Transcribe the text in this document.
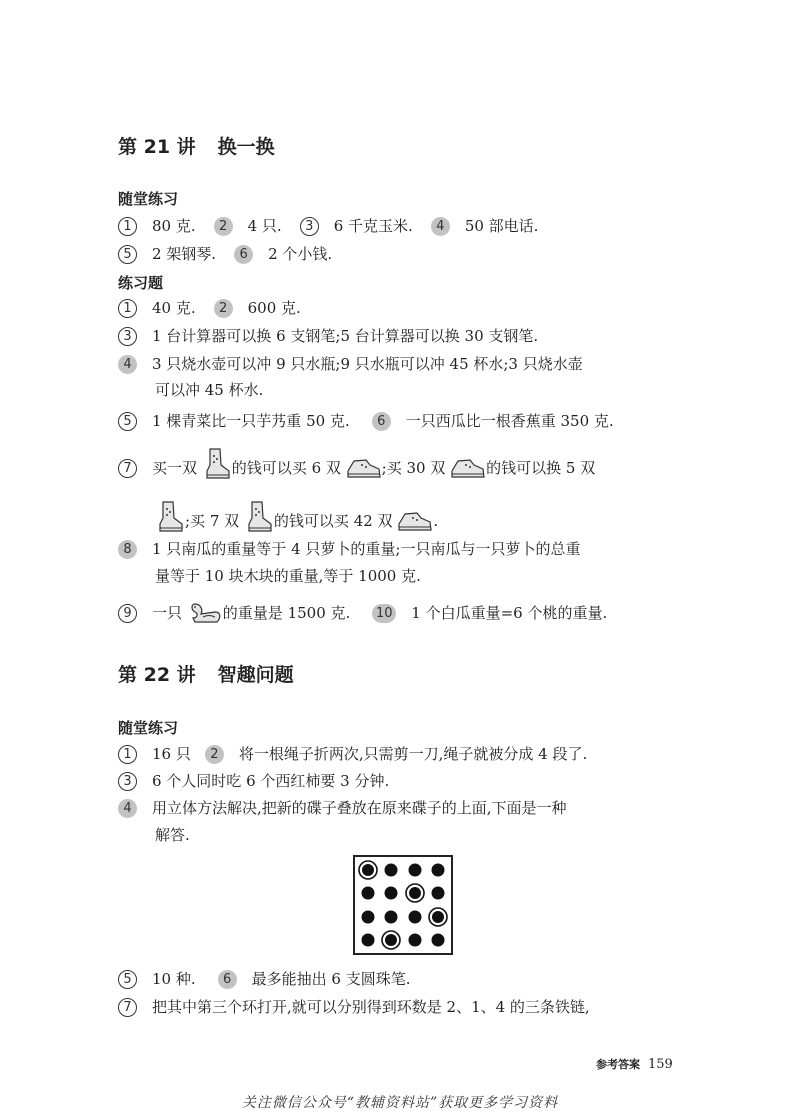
第 21 讲 换一换
随堂练习
1 80 克. 2 4 只. 3 6 千克玉米. 4 50 部电话.
5 2 架钢琴. 6 2 个小钱.
练习题
1 40 克. 2 600 克.
3 1 台计算器可以换 6 支钢笔;5 台计算器可以换 30 支钢笔.
4 3 只烧水壶可以冲 9 只水瓶;9 只水瓶可以冲 45 杯水;3 只烧水壶
可以冲 45 杯水.
5 1 棵青菜比一只芋艿重 50 克. 6 一只西瓜比一根香蕉重 350 克.
7 买一双 的钱可以买 6 双	;买 30 双	的钱可以换 5 双
;买 7 双 的钱可以买 42 双	.
8 1 只南瓜的重量等于 4 只萝卜的重量;一只南瓜与一只萝卜的总重
量等于 10 块木块的重量,等于 1000 克.
9 一只	的重量是 1500 克. 10 1 个白瓜重量=6 个桃的重量.
第 22 讲 智趣问题
随堂练习
1 16 只 2 将一根绳子折两次,只需剪一刀,绳子就被分成 4 段了.
3 6 个人同时吃 6 个西红柿要 3 分钟.
4 用立体方法解决,把新的碟子叠放在原来碟子的上面,下面是一种
解答.
5 10 种. 6 最多能抽出 6 支圆珠笔.
7 把其中第三个环打开,就可以分别得到环数是 2、1、4 的三条铁链,
参考答案 159
关注微信公众号“教辅资料站”获取更多学习资料
